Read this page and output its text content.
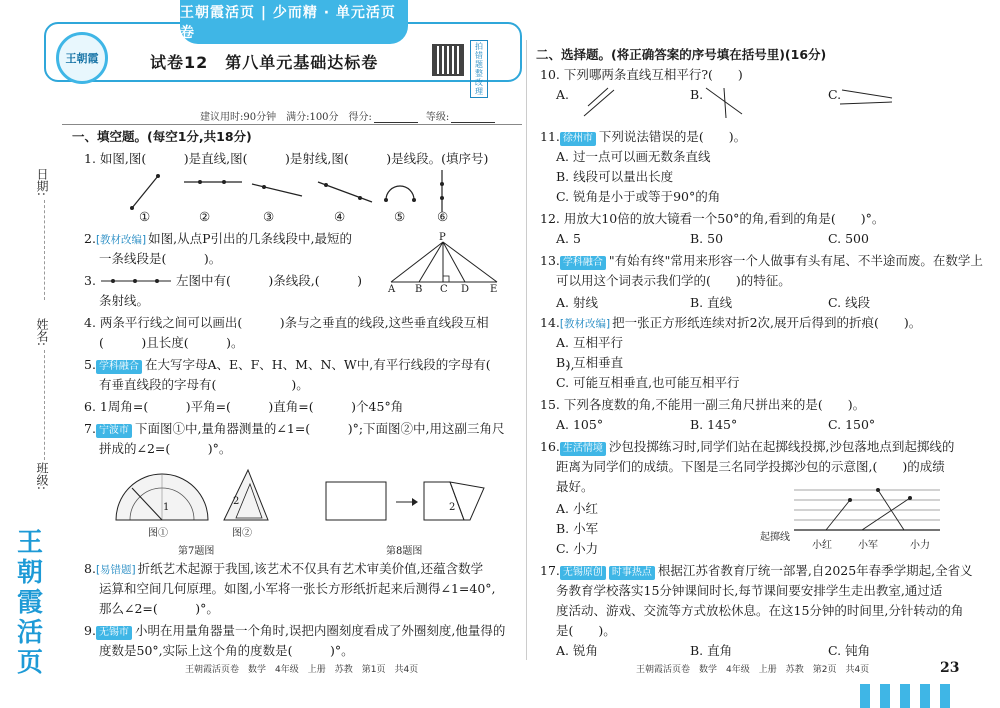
王朝霞活页 | 少而精 · 单元活页卷
王朝霞	试卷12　第八单元基础达标卷
拍错题整改理
建议用时:90分钟　满分:100分　得分:	等级:
日期:
姓名:
班级:
王朝霞活页
一、填空题。(每空1分,共18分)
1. 如图,图(　　　)是直线,图(　　　)是射线,图(　　　)是线段。(填序号)
①	②	③	④	⑤	⑥
2.[教材改编] 如图,从点P引出的几条线段中,最短的
一条线段是(　　　)。
P
A B C D E
3.	左图中有(　　　)条线段,(　　　)
条射线。
4. 两条平行线之间可以画出(　　　)条与之垂直的线段,这些垂直线段互相
(　　　)且长度(　　　)。
5. 学科融合 在大写字母A、E、F、H、M、N、W中,有平行线段的字母有(　　　　　　),
有垂直线段的字母有(　　　　　　)。
6. 1周角=(　　　)平角=(　　　)直角=(　　　)个45°角
7. 宁波市 下面图①中,量角器测量的∠1=(　　　)°;下面图②中,用这副三角尺
拼成的∠2=(　　　)°。
1
2
图①	图②
2
第7题图	第8题图
8.[易错题] 折纸艺术起源于我国,该艺术不仅具有艺术审美价值,还蕴含数学
运算和空间几何原理。如图,小军将一张长方形纸折起来后测得∠1=40°,
那么∠2=(　　　)°。
9. 无锡市 小明在用量角器量一个角时,误把内圈刻度看成了外圈刻度,他量得的
度数是50°,实际上这个角的度数是(　　　)°。
王朝霞活页卷　数学　4年级　上册　苏教　第1页　共4页
二、选择题。(将正确答案的序号填在括号里)(16分)
10. 下列哪两条直线互相平行?(　　)
A.	B.	C.
11. 徐州市 下列说法错误的是(　　)。
A. 过一点可以画无数条直线
B. 线段可以量出长度
C. 锐角是小于或等于90°的角
12. 用放大10倍的放大镜看一个50°的角,看到的角是(　　)°。
A. 5	B. 50	C. 500
13. 学科融合 "有始有终"常用来形容一个人做事有头有尾、不半途而废。在数学上
可以用这个词表示我们学的(　　)的特征。
A. 射线	B. 直线	C. 线段
14.[教材改编] 把一张正方形纸连续对折2次,展开后得到的折痕(　　)。
A. 互相平行
B. 互相垂直
C. 可能互相垂直,也可能互相平行
15. 下列各度数的角,不能用一副三角尺拼出来的是(　　)。
A. 105°	B. 145°	C. 150°
16. 生活情境 沙包投掷练习时,同学们站在起掷线投掷,沙包落地点到起掷线的
距离为同学们的成绩。下图是三名同学投掷沙包的示意图,(　　)的成绩
最好。
A. 小红
B. 小军
C. 小力
起掷线
小红	小军	小力
17. 无锡原创 时事热点 根据江苏省教育厅统一部署,自2025年春季学期起,全省义
务教育学校落实15分钟课间时长,每节课间要安排学生走出教室,通过适
度活动、游戏、交流等方式放松休息。在这15分钟的时间里,分针转动的角
是(　　)。
A. 锐角	B. 直角	C. 钝角
王朝霞活页卷　数学　4年级　上册　苏教　第2页　共4页	23
